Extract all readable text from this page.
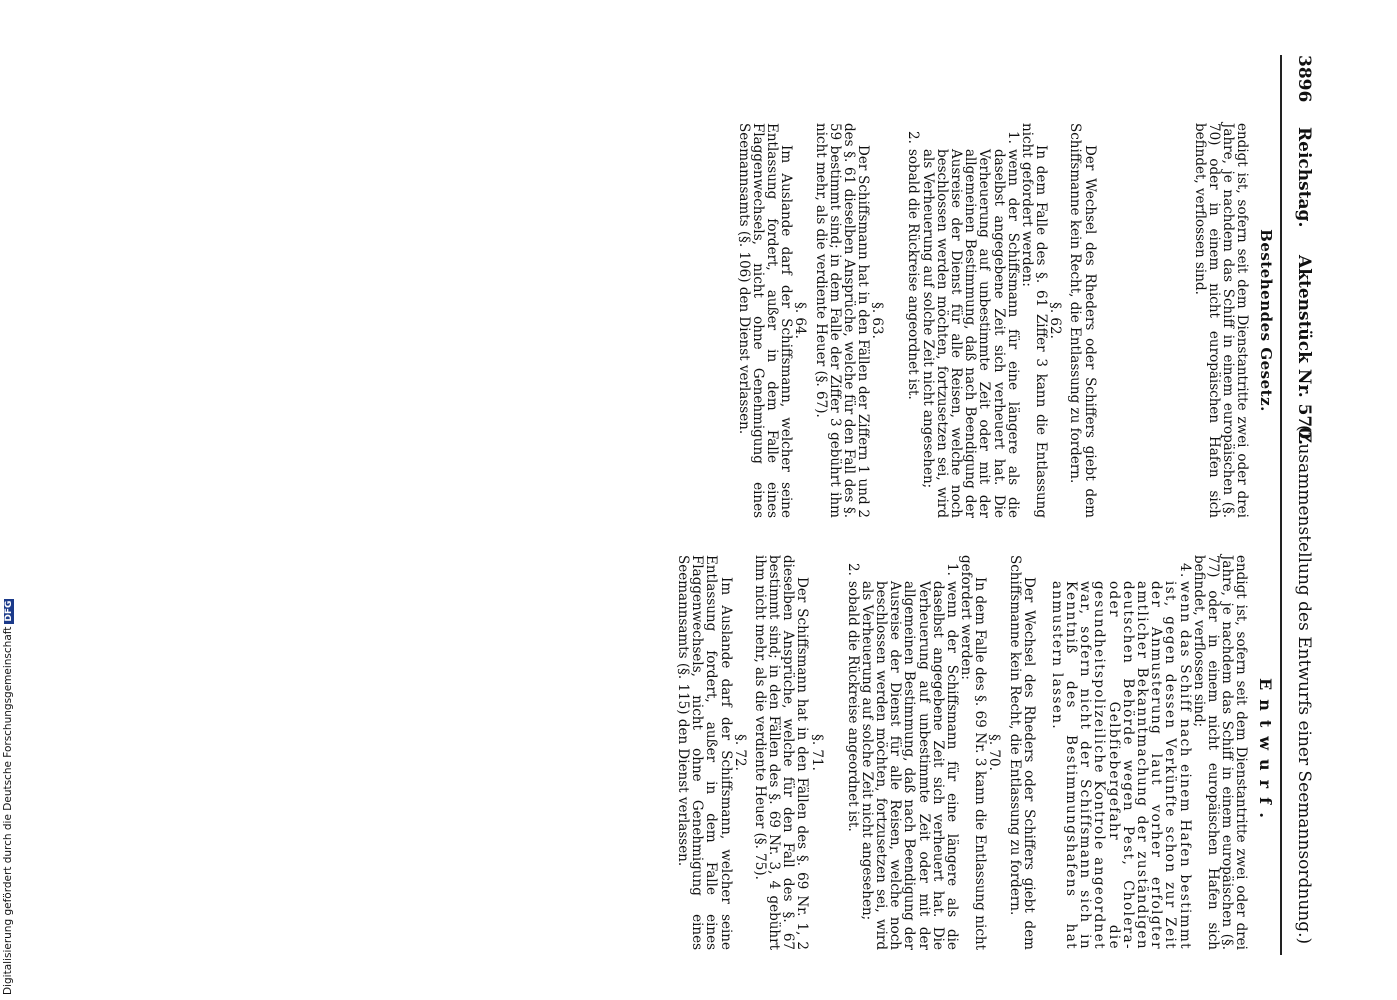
3896
Reichstag.
Aktenstück Nr. 570.
(Zusammenstellung des Entwurfs einer Seemannsordnung.)
Bestehendes Gesetz.

endigt ist, sofern seit dem Dienstantritte zwei oder drei Jahre, je nachdem das Schiff in einem europäischen (§. 70) oder in einem nicht europäischen Hafen sich befindet, verflossen sind.

Der Wechsel des Rheders oder Schiffers giebt dem Schiffsmanne kein Recht, die Entlassung zu fordern.

§. 62.

In dem Falle des §. 61 Ziffer 3 kann die Entlassung nicht gefordert werden:

1.wenn der Schiffsmann für eine längere als die daselbst angegebene Zeit sich verheuert hat. Die Verheuerung auf unbestimmte Zeit oder mit der allgemeinen Bestimmung, daß nach Beendigung der Ausreise der Dienst für alle Reisen, welche noch beschlossen werden möchten, fortzusetzen sei, wird als Verheuerung auf solche Zeit nicht angesehen;

2.sobald die Rückreise angeordnet ist.

§. 63.

Der Schiffsmann hat in den Fällen der Ziffern 1 und 2 des §. 61 dieselben Ansprüche, welche für den Fall des §. 59 bestimmt sind; in dem Falle der Ziffer 3 gebührt ihm nicht mehr, als die verdiente Heuer (§. 67).

§. 64.

Im Auslande darf der Schiffsmann, welcher seine Entlassung fordert, außer in dem Falle eines Flaggenwechsels, nicht ohne Genehmigung eines Seemannsamts (§. 106) den Dienst verlassen.

Entwurf.

endigt ist, sofern seit dem Dienstantritte zwei oder drei Jahre, je nachdem das Schiff in einem europäischen (§. 77) oder in einem nicht europäischen Hafen sich befindet, verflossen sind;

4.wenn das Schiff nach einem Hafen bestimmt ist, gegen dessen Verkünfte schon zur Zeit der Anmusterung laut vorher erfolgter amtlicher Bekanntmachung der zuständigen deutschen Behörde wegen Pest, Cholera- oder Gelbfiebergefahr die gesundheitspolizeiliche Kontrole angeordnet war, sofern nicht der Schiffsmann sich in Kenntniß des Bestimmungshafens hat anmustern lassen.

Der Wechsel des Rheders oder Schiffers giebt dem Schiffsmanne kein Recht, die Entlassung zu fordern.

§. 70.

In dem Falle des §. 69 Nr. 3 kann die Entlassung nicht gefordert werden:

1.wenn der Schiffsmann für eine längere als die daselbst angegebene Zeit sich verheuert hat. Die Verheuerung auf unbestimmte Zeit oder mit der allgemeinen Bestimmung, daß nach Beendigung der Ausreise der Dienst für alle Reisen, welche noch beschlossen werden möchten, fortzusetzen sei, wird als Verheuerung auf solche Zeit nicht angesehen;

2.sobald die Rückreise angeordnet ist.

§. 71.

Der Schiffsmann hat in den Fällen des §. 69 Nr. 1, 2 dieselben Ansprüche, welche für den Fall des §. 67 bestimmt sind; in den Fällen des §. 69 Nr. 3, 4 gebührt ihm nicht mehr, als die verdiente Heuer (§. 75).

§. 72.

Im Auslande darf der Schiffsmann, welcher seine Entlassung fordert, außer in dem Falle eines Flaggenwechsels, nicht ohne Genehmigung eines Seemannsamts (§. 115) den Dienst verlassen.

Digitalisierung gefördert durch die Deutsche ForschungsgemeinschaftDFG
